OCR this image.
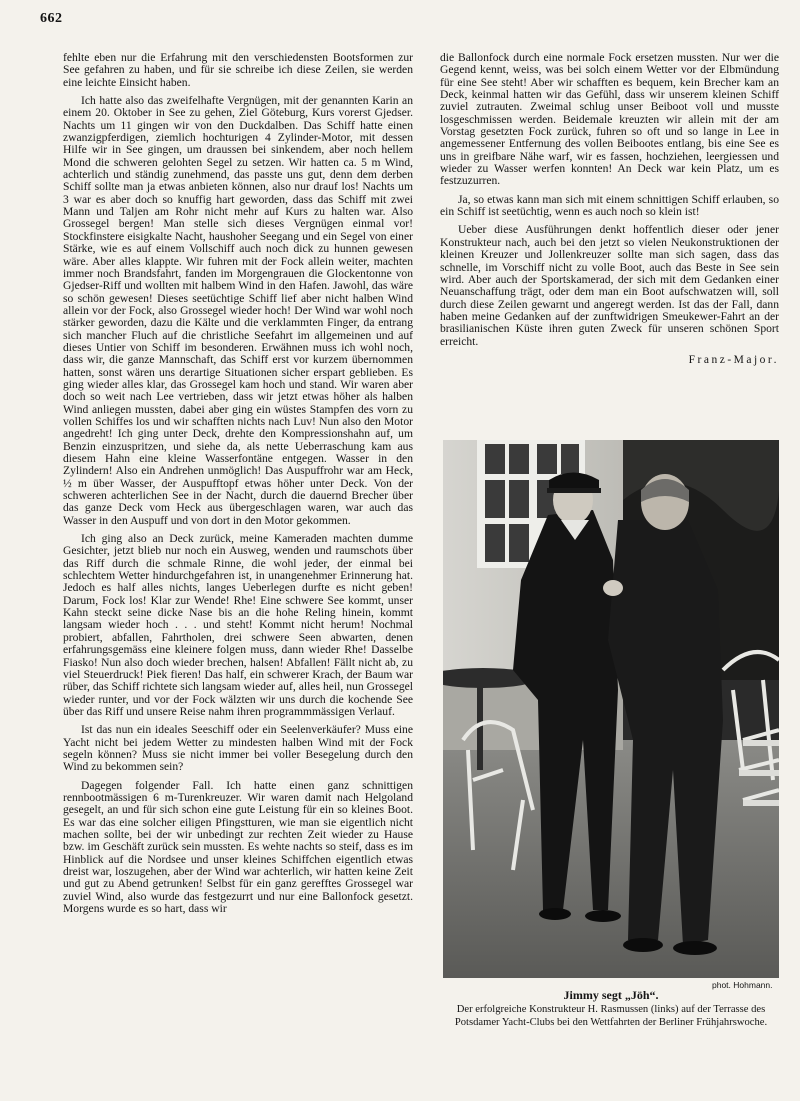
662

fehlte eben nur die Erfahrung mit den verschiedensten Bootsformen zur See gefahren zu haben, und für sie schreibe ich diese Zeilen, sie werden eine leichte Einsicht haben.

Ich hatte also das zweifelhafte Vergnügen, mit der genannten Karin an einem 20. Oktober in See zu gehen, Ziel Göteburg, Kurs vorerst Gjedser. Nachts um 11 gingen wir von den Duckdalben. Das Schiff hatte einen zwanzigpferdigen, ziemlich hochturigen 4 Zylinder-Motor, mit dessen Hilfe wir in See gingen, um draussen bei sinkendem, aber noch hellem Mond die schweren gelohten Segel zu setzen. Wir hatten ca. 5 m Wind, achterlich und ständig zunehmend, das passte uns gut, denn dem derben Schiff sollte man ja etwas anbieten können, also nur drauf los! Nachts um 3 war es aber doch so knuffig hart geworden, dass das Schiff mit zwei Mann und Taljen am Rohr nicht mehr auf Kurs zu halten war. Also Grossegel bergen! Man stelle sich dieses Vergnügen einmal vor! Stockfinstere eisigkalte Nacht, haushoher Seegang und ein Segel von einer Stärke, wie es auf einem Vollschiff auch noch dick zu hunnen gewesen wäre. Aber alles klappte. Wir fuhren mit der Fock allein weiter, machten immer noch Brandsfahrt, fanden im Morgengrauen die Glockentonne von Gjedser-Riff und wollten mit halbem Wind in den Hafen. Jawohl, das wäre so schön gewesen! Dieses seetüchtige Schiff lief aber nicht halben Wind allein vor der Fock, also Grossegel wieder hoch! Der Wind war wohl noch stärker geworden, dazu die Kälte und die verklammten Finger, da entrang sich mancher Fluch auf die christliche Seefahrt im allgemeinen und auf dieses Untier von Schiff im besonderen. Erwähnen muss ich wohl noch, dass wir, die ganze Mannschaft, das Schiff erst vor kurzem übernommen hatten, sonst wären uns derartige Situationen sicher erspart geblieben. Es ging wieder alles klar, das Grossegel kam hoch und stand. Wir waren aber doch so weit nach Lee vertrieben, dass wir jetzt etwas höher als halben Wind anliegen mussten, dabei aber ging ein wüstes Stampfen des vorn zu vollen Schiffes los und wir schafften nichts nach Luv! Nun also den Motor angedreht! Ich ging unter Deck, drehte den Kompressionshahn auf, um Benzin einzuspritzen, und siehe da, als nette Ueberraschung kam aus diesem Hahn eine kleine Wasserfontäne entgegen. Wasser in den Zylindern! Also ein Andrehen unmöglich! Das Auspuffrohr war am Heck, ½ m über Wasser, der Auspufftopf etwas höher unter Deck. Von der schweren achterlichen See in der Nacht, durch die dauernd Brecher über das ganze Deck vom Heck aus übergeschlagen waren, war auch das Wasser in den Auspuff und von dort in den Motor gekommen.

Ich ging also an Deck zurück, meine Kameraden machten dumme Gesichter, jetzt blieb nur noch ein Ausweg, wenden und raumschots über das Riff durch die schmale Rinne, die wohl jeder, der einmal bei schlechtem Wetter hindurchgefahren ist, in unangenehmer Erinnerung hat. Jedoch es half alles nichts, langes Ueberlegen durfte es nicht geben! Darum, Fock los! Klar zur Wende! Rhe! Eine schwere See kommt, unser Kahn steckt seine dicke Nase bis an die hohe Reling hinein, kommt langsam wieder hoch . . . und steht! Kommt nicht herum! Nochmal probiert, abfallen, Fahrtholen, drei schwere Seen abwarten, denen erfahrungsgemäss eine kleinere folgen muss, dann wieder Rhe! Dasselbe Fiasko! Nun also doch wieder brechen, halsen! Abfallen! Fällt nicht ab, zu viel Steuerdruck! Piek fieren! Das half, ein schwerer Krach, der Baum war rüber, das Schiff richtete sich langsam wieder auf, alles heil, nun Grossegel wieder runter, und vor der Fock wälzten wir uns durch die kochende See über das Riff und unsere Reise nahm ihren programmmässigen Verlauf.

Ist das nun ein ideales Seeschiff oder ein Seelenverkäufer? Muss eine Yacht nicht bei jedem Wetter zu mindesten halben Wind mit der Fock segeln können? Muss sie nicht immer bei voller Besegelung durch den Wind zu bekommen sein?

Dagegen folgender Fall. Ich hatte einen ganz schnittigen rennbootmässigen 6 m-Turenkreuzer. Wir waren damit nach Helgoland gesegelt, an und für sich schon eine gute Leistung für ein so kleines Boot. Es war das eine solcher eiligen Pfingstturen, wie man sie eigentlich nicht machen sollte, bei der wir unbedingt zur rechten Zeit wieder zu Hause bzw. im Geschäft zurück sein mussten. Es wehte nachts so steif, dass es im Hinblick auf die Nordsee und unser kleines Schiffchen eigentlich etwas dreist war, loszugehen, aber der Wind war achterlich, wir hatten keine Zeit und gut zu Abend getrunken! Selbst für ein ganz gerefftes Grossegel war zuviel Wind, also wurde das festgezurrt und nur eine Ballonfock gesetzt. Morgens wurde es so hart, dass wir

die Ballonfock durch eine normale Fock ersetzen mussten. Nur wer die Gegend kennt, weiss, was bei solch einem Wetter vor der Elbmündung für eine See steht! Aber wir schafften es bequem, kein Brecher kam an Deck, keinmal hatten wir das Gefühl, dass wir unserem kleinen Schiff zuviel zutrauten. Zweimal schlug unser Beiboot voll und musste losgeschmissen werden. Beidemale kreuzten wir allein mit der am Vorstag gesetzten Fock zurück, fuhren so oft und so lange in Lee in angemessener Entfernung des vollen Beibootes entlang, bis eine See es uns in greifbare Nähe warf, wir es fassen, hochziehen, leergiessen und wieder zu Wasser werfen konnten! An Deck war kein Platz, um es festzuzurren.

Ja, so etwas kann man sich mit einem schnittigen Schiff erlauben, so ein Schiff ist seetüchtig, wenn es auch noch so klein ist!

Ueber diese Ausführungen denkt hoffentlich dieser oder jener Konstrukteur nach, auch bei den jetzt so vielen Neukonstruktionen der kleinen Kreuzer und Jollenkreuzer sollte man sich sagen, dass das schnelle, im Vorschiff nicht zu volle Boot, auch das Beste in See sein wird. Aber auch der Sportskamerad, der sich mit dem Gedanken einer Neuanschaffung trägt, oder dem man ein Boot aufschwatzen will, soll durch diese Zeilen gewarnt und angeregt werden. Ist das der Fall, dann haben meine Gedanken auf der zunftwidrigen Smeukewer-Fahrt an der brasilianischen Küste ihren guten Zweck für unseren schönen Sport erreicht.

Franz-Major.
phot. Hohmann.
Jimmy segt „Jöh“.
Der erfolgreiche Konstrukteur H. Rasmussen (links) auf der Terrasse des Potsdamer Yacht-Clubs bei den Wettfahrten der Berliner Frühjahrswoche.
